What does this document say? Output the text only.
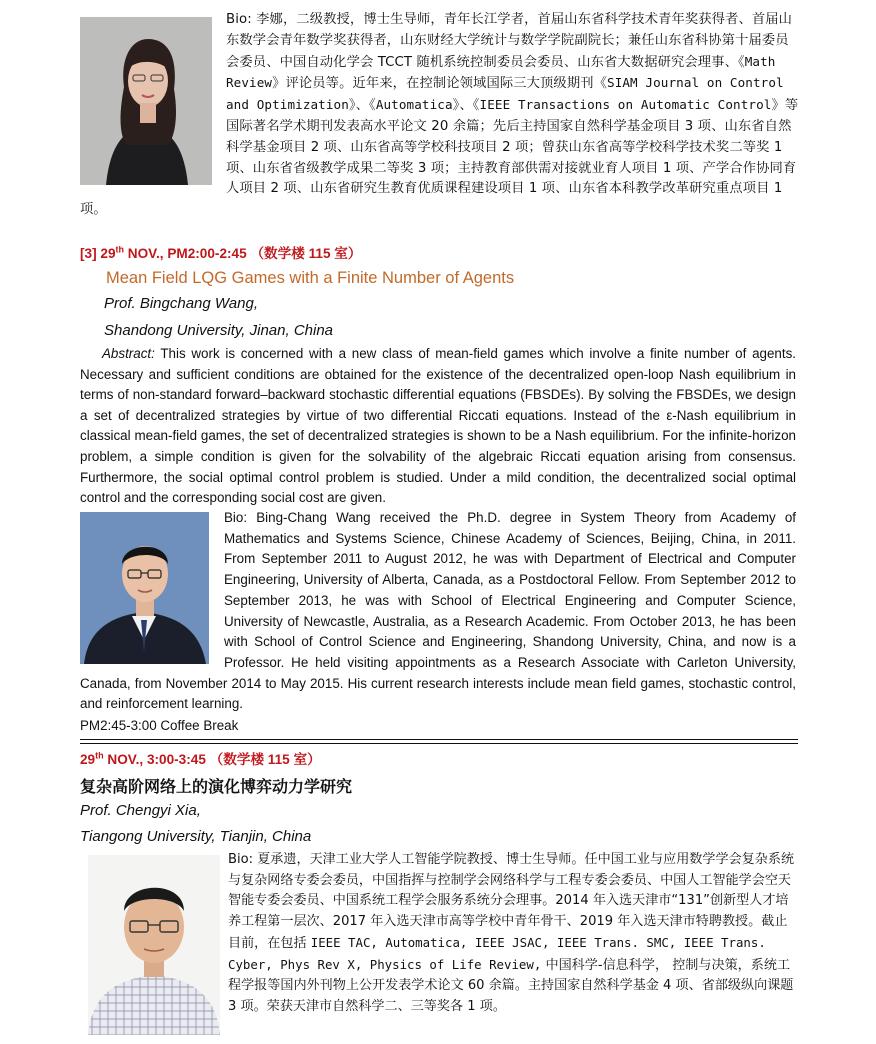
Bio: 李娜，二级教授，博士生导师，青年长江学者，首届山东省科学技术青年奖获得者、首届山东数学会青年数学奖获得者，山东财经大学统计与数学学院副院长；兼任山东省科协第十届委员会委员、中国自动化学会 TCCT 随机系统控制委员会委员、山东省大数据研究会理事、《Math Review》评论员等。近年来，在控制论领域国际三大顶级期刊《SIAM Journal on Control and Optimization》、《Automatica》、《IEEE Transactions on Automatic Control》等国际著名学术期刊发表高水平论文 20 余篇；先后主持国家自然科学基金项目 3 项、山东省自然科学基金项目 2 项、山东省高等学校科技项目 2 项；曾获山东省高等学校科学技术奖二等奖 1 项、山东省省级教学成果二等奖 3 项；主持教育部供需对接就业育人项目 1 项、产学合作协同育人项目 2 项、山东省研究生教育优质课程建设项目 1 项、山东省本科教学改革研究重点项目 1 项。
[3] 29th NOV., PM2:00-2:45 （数学楼 115 室）
Mean Field LQG Games with a Finite Number of Agents
Prof. Bingchang Wang,
Shandong University, Jinan, China
Abstract: This work is concerned with a new class of mean-field games which involve a finite number of agents. Necessary and sufficient conditions are obtained for the existence of the decentralized open-loop Nash equilibrium in terms of non-standard forward–backward stochastic differential equations (FBSDEs). By solving the FBSDEs, we design a set of decentralized strategies by virtue of two differential Riccati equations. Instead of the ε-Nash equilibrium in classical mean-field games, the set of decentralized strategies is shown to be a Nash equilibrium. For the infinite-horizon problem, a simple condition is given for the solvability of the algebraic Riccati equation arising from consensus. Furthermore, the social optimal control problem is studied. Under a mild condition, the decentralized social optimal control and the corresponding social cost are given.
Bio: Bing-Chang Wang received the Ph.D. degree in System Theory from Academy of Mathematics and Systems Science, Chinese Academy of Sciences, Beijing, China, in 2011. From September 2011 to August 2012, he was with Department of Electrical and Computer Engineering, University of Alberta, Canada, as a Postdoctoral Fellow. From September 2012 to September 2013, he was with School of Electrical Engineering and Computer Science, University of Newcastle, Australia, as a Research Academic. From October 2013, he has been with School of Control Science and Engineering, Shandong University, China, and now is a Professor. He held visiting appointments as a Research Associate with Carleton University, Canada, from November 2014 to May 2015. His current research interests include mean field games, stochastic control, and reinforcement learning.
PM2:45-3:00 Coffee Break
29th NOV., 3:00-3:45 （数学楼 115 室）
复杂高阶网络上的演化博弈动力学研究
Prof. Chengyi Xia,
Tiangong University, Tianjin, China
Bio: 夏承遗，天津工业大学人工智能学院教授、博士生导师。任中国工业与应用数学学会复杂系统与复杂网络专委会委员，中国指挥与控制学会网络科学与工程专委会委员、中国人工智能学会空天智能专委会委员、中国系统工程学会服务系统分会理事。2014 年入选天津市“131”创新型人才培养工程第一层次、2017 年入选天津市高等学校中青年骨干、2019 年入选天津市特聘教授。截止目前，在包括 IEEE TAC, Automatica, IEEE JSAC, IEEE Trans. SMC, IEEE Trans. Cyber, Phys Rev X, Physics of Life Review, 中国科学-信息科学， 控制与决策，系统工程学报等国内外刊物上公开发表学术论文 60 余篇。主持国家自然科学基金 4 项、省部级纵向课题 3 项。荣获天津市自然科学二、三等奖各 1 项。
